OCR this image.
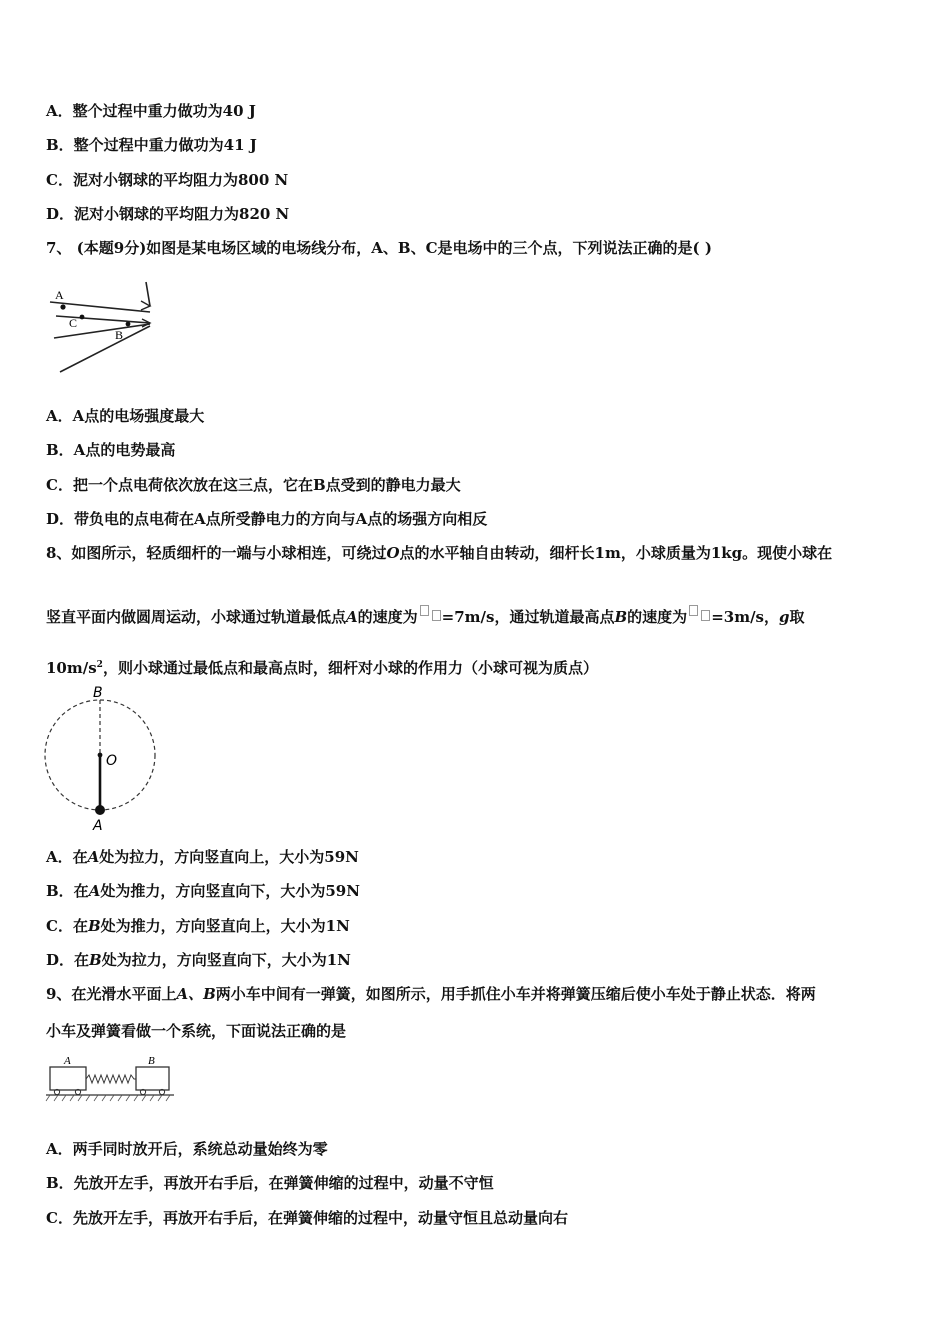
A．整个过程中重力做功为40 J
B．整个过程中重力做功为41 J
C．泥对小钢球的平均阻力为800 N
D．泥对小钢球的平均阻力为820 N
7、 (本题9分)如图是某电场区域的电场线分布，A、B、C是电场中的三个点，下列说法正确的是( )
A
C
B
A．A点的电场强度最大
B．A点的电势最高
C．把一个点电荷依次放在这三点，它在B点受到的静电力最大
D．带负电的点电荷在A点所受静电力的方向与A点的场强方向相反
8、如图所示，轻质细杆的一端与小球相连，可绕过O点的水平轴自由转动，细杆长1m，小球质量为1kg。现使小球在
竖直平面内做圆周运动，小球通过轨道最低点A的速度为 =7m/s，通过轨道最高点B的速度为 =3m/s，g取
$10m/s^2$，则小球通过最低点和最高点时，细杆对小球的作用力（小球可视为质点）
B
O
A
A．在A处为拉力，方向竖直向上，大小为59N
B．在A处为推力，方向竖直向下，大小为59N
C．在B处为推力，方向竖直向上，大小为1N
D．在B处为拉力，方向竖直向下，大小为1N
9、在光滑水平面上A、B两小车中间有一弹簧，如图所示，用手抓住小车并将弹簧压缩后使小车处于静止状态．将两
小车及弹簧看做一个系统，下面说法正确的是
A	B
A．两手同时放开后，系统总动量始终为零
B．先放开左手，再放开右手后，在弹簧伸缩的过程中，动量不守恒
C．先放开左手，再放开右手后，在弹簧伸缩的过程中，动量守恒且总动量向右
